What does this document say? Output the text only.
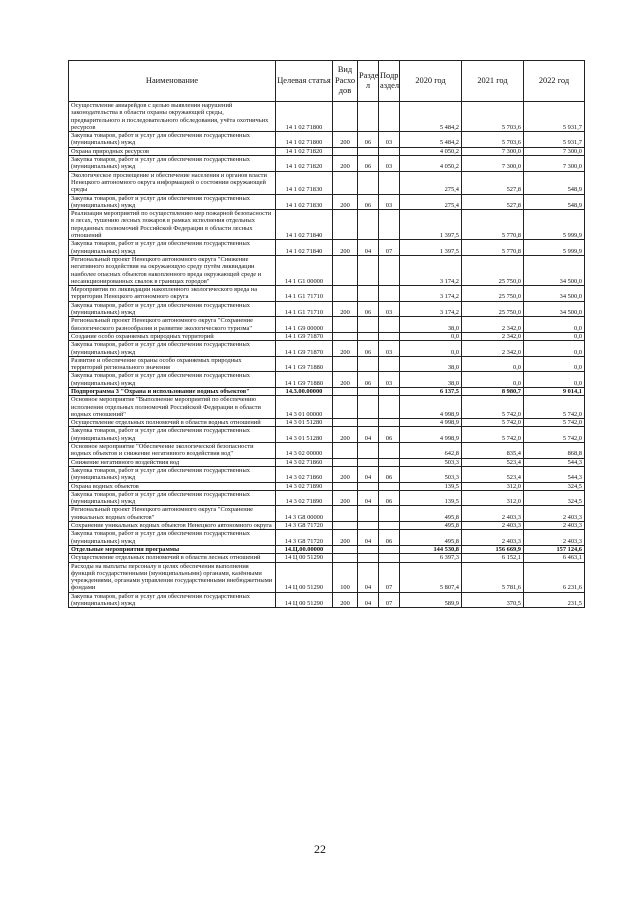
Наименование	Целевая статья	Вид Расхо дов	Разде л	Подр аздел	2020 год	2021 год	2022 год
Осуществление авиарейдов с целью выявления нарушений законодательства в области охраны окружающей среды, предварительного и последовательного обследования, учёта охотничьих ресурсов	14 1 02 71800				5 484,2	5 703,6	5 931,7
Закупка товаров, работ и услуг для обеспечения государственных (муниципальных) нужд	14 1 02 71800	200	06	03	5 484,2	5 703,6	5 931,7
Охрана природных ресурсов	14 1 02 71820				4 050,2	7 300,0	7 300,0
Закупка товаров, работ и услуг для обеспечения государственных (муниципальных) нужд	14 1 02 71820	200	06	03	4 050,2	7 300,0	7 300,0
Экологическое просвещение и обеспечение населения и органов власти Ненецкого автономного округа информацией о состоянии окружающей среды	14 1 02 71830				275,4	527,8	548,9
Закупка товаров, работ и услуг для обеспечения государственных (муниципальных) нужд	14 1 02 71830	200	06	03	275,4	527,8	548,9
Реализация мероприятий по осуществлению мер пожарной безопасности в лесах, тушению лесных пожаров в рамках исполнения отдельных переданных полномочий Российской Федерации в области лесных отношений	14 1 02 71840				1 397,5	5 770,8	5 999,9
Закупка товаров, работ и услуг для обеспечения государственных (муниципальных) нужд	14 1 02 71840	200	04	07	1 397,5	5 770,8	5 999,9
Региональный проект Ненецкого автономного округа "Снижение негативного воздействия на окружающую среду путём ликвидации наиболее опасных объектов накопленного вреда окружающей среде и несанкционированных свалок в границах городов"	14 1 G1 00000				3 174,2	25 750,0	34 500,0
Мероприятия по ликвидации накопленного экологического вреда на территории Ненецкого автономного округа	14 1 G1 71710				3 174,2	25 750,0	34 500,0
Закупка товаров, работ и услуг для обеспечения государственных (муниципальных) нужд	14 1 G1 71710	200	06	03	3 174,2	25 750,0	34 500,0
Региональный проект Ненецкого автономного округа "Сохранение биологического разнообразия и развитие экологического туризма"	14 1 G9 00000				38,0	2 342,0	0,0
Создание особо охраняемых природных территорий	14 1 G9 71870				0,0	2 342,0	0,0
Закупка товаров, работ и услуг для обеспечения государственных (муниципальных) нужд	14 1 G9 71870	200	06	03	0,0	2 342,0	0,0
Развитие и обеспечение охраны особо охраняемых природных территорий регионального значения	14 1 G9 71880				38,0	0,0	0,0
Закупка товаров, работ и услуг для обеспечения государственных (муниципальных) нужд	14 1 G9 71880	200	06	03	38,0	0,0	0,0
Подпрограмма 3 "Охрана и использование водных объектов"	14.3.00.00000				6 137,5	8 980,7	9 014,1
Основное мероприятие "Выполнение мероприятий по обеспечению исполнения отдельных полномочий Российской Федерации в области водных отношений"	14 3 01 00000				4 998,9	5 742,0	5 742,0
Осуществление отдельных полномочий в области водных отношений	14 3 01 51280				4 998,9	5 742,0	5 742,0
Закупка товаров, работ и услуг для обеспечения государственных (муниципальных) нужд	14 3 01 51280	200	04	06	4 998,9	5 742,0	5 742,0
Основное мероприятие "Обеспечение экологической безопасности водных объектов и снижение негативного воздействия вод"	14 3 02 00000				642,8	835,4	868,8
Снижение негативного воздействия вод	14 3 02 71860				503,3	523,4	544,3
Закупка товаров, работ и услуг для обеспечения государственных (муниципальных) нужд	14 3 02 71860	200	04	06	503,3	523,4	544,3
Охрана водных объектов	14 3 02 71890				139,5	312,0	324,5
Закупка товаров, работ и услуг для обеспечения государственных (муниципальных) нужд	14 3 02 71890	200	04	06	139,5	312,0	324,5
Региональный проект Ненецкого автономного округа "Сохранение уникальных водных объектов"	14 3 G8 00000				495,8	2 403,3	2 403,3
Сохранение уникальных водных объектов Ненецкого автономного округа	14 3 G8 71720				495,8	2 403,3	2 403,3
Закупка товаров, работ и услуг для обеспечения государственных (муниципальных) нужд	14 3 G8 71720	200	04	06	495,8	2 403,3	2 403,3
Отдельные мероприятия программы	14.Ц.00.00000				144 530,8	156 669,9	157 124,6
Осуществление отдельных полномочий в области лесных отношений	14 Ц 00 51290				6 397,3	6 152,1	6 463,1
Расходы на выплаты персоналу в целях обеспечения выполнения функций государственными (муниципальными) органами, казёнными учреждениями, органами управления государственными внебюджетными фондами	14 Ц 00 51290	100	04	07	5 807,4	5 781,6	6 231,6
Закупка товаров, работ и услуг для обеспечения государственных (муниципальных) нужд	14 Ц 00 51290	200	04	07	589,9	370,5	231,5
22
